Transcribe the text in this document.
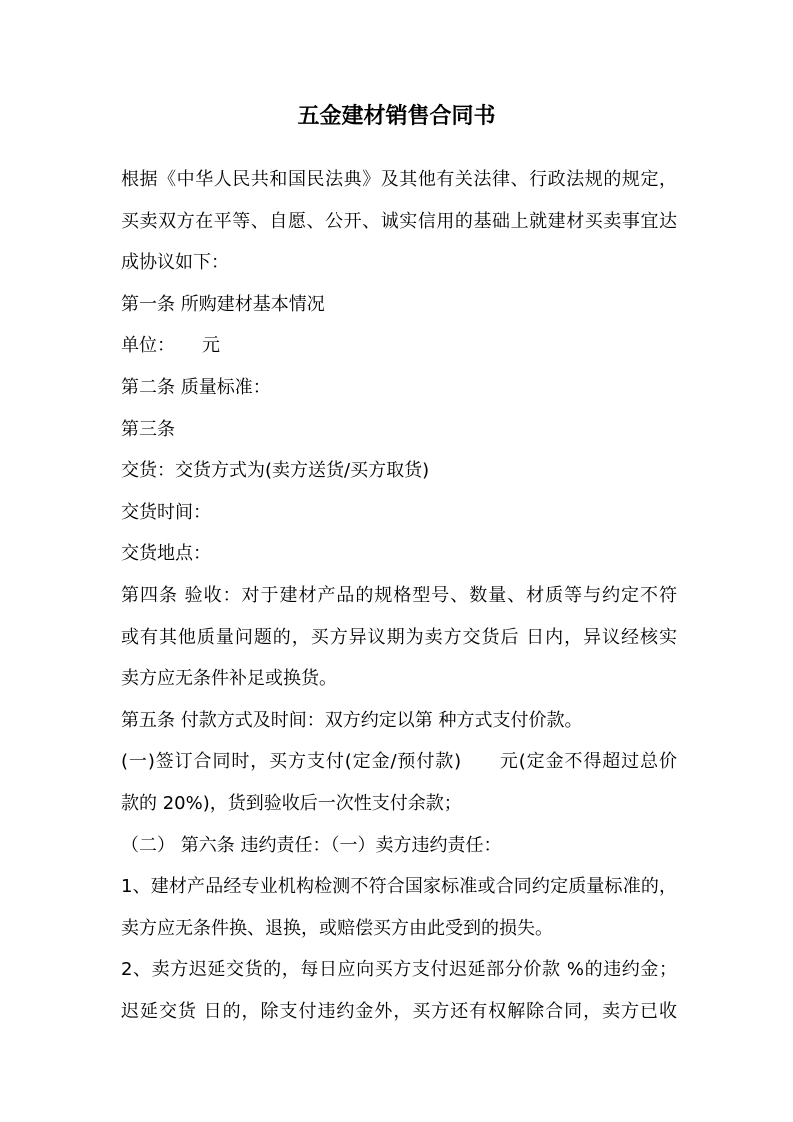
五金建材销售合同书
根据《中华人民共和国民法典》及其他有关法律、行政法规的规定，
买卖双方在平等、自愿、公开、诚实信用的基础上就建材买卖事宜达
成协议如下：
第一条 所购建材基本情况
单位：　　元
第二条 质量标准：
第三条
交货：交货方式为(卖方送货/买方取货)
交货时间：
交货地点：
第四条 验收：对于建材产品的规格型号、数量、材质等与约定不符
或有其他质量问题的，买方异议期为卖方交货后 日内，异议经核实
卖方应无条件补足或换货。
第五条 付款方式及时间：双方约定以第 种方式支付价款。
(一)签订合同时，买方支付(定金/预付款)　　元(定金不得超过总价
款的 20%)，货到验收后一次性支付余款；
（二） 第六条 违约责任：（一）卖方违约责任：
1、建材产品经专业机构检测不符合国家标准或合同约定质量标准的，
卖方应无条件换、退换，或赔偿买方由此受到的损失。
2、卖方迟延交货的，每日应向买方支付迟延部分价款 %的违约金；
迟延交货 日的，除支付违约金外，买方还有权解除合同，卖方已收
